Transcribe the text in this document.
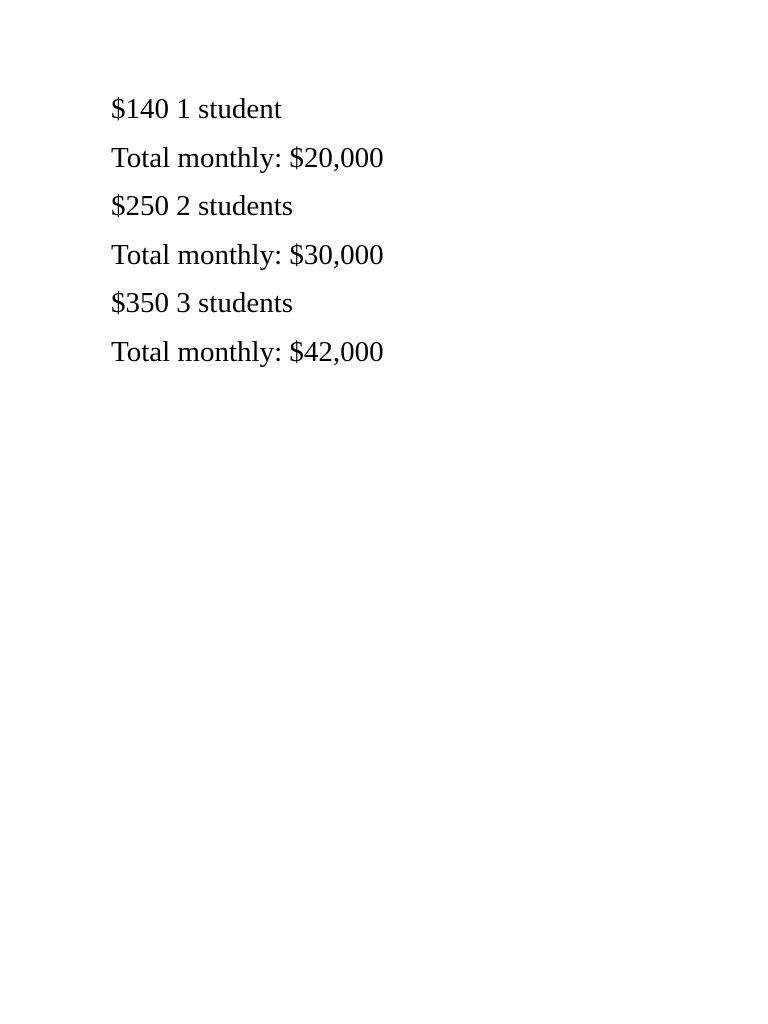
$140 1 student
Total monthly: $20,000
$250 2 students
Total monthly: $30,000
$350 3 students
Total monthly: $42,000
